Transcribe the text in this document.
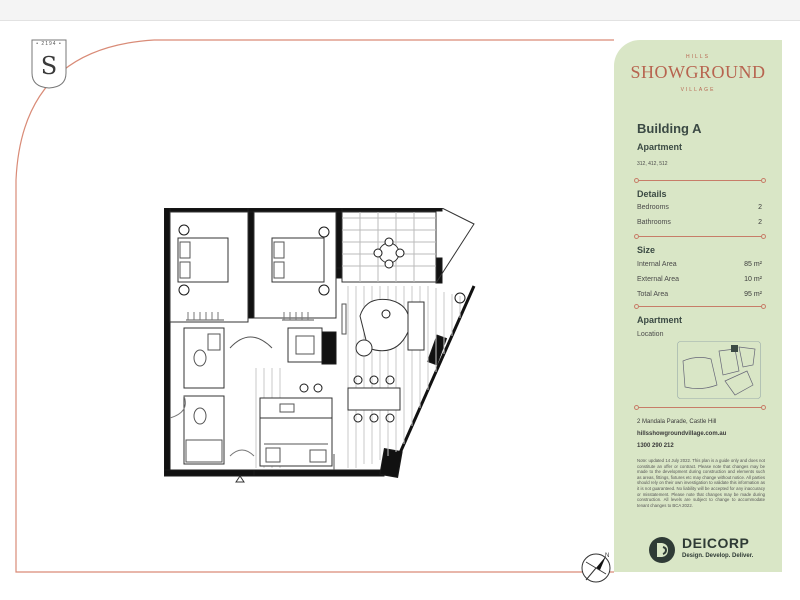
• 2194 •
S
N
HILLS
SHOWGROUND
VILLAGE
Building A
Apartment
312, 412, 512
Details
Bedrooms	2
Bathrooms	2
Size
Internal Area	85 m²
External Area	10 m²
Total Area	95 m²
Apartment
Location
2 Mandala Parade, Castle Hill
hillsshowgroundvillage.com.au
1300 290 212
Note: updated 14 July 2022. This plan is a guide only and does not constitute an offer or contract. Please note that changes may be made to the development during construction and elements such as areas, fittings, fixtures etc may change without notice. All parties should rely on their own investigation to validate this information as it is not guaranteed. No liability will be accepted for any inaccuracy or misstatement. Please note that changes may be made during construction. All levels are subject to change to accommodate tenant changes to BCA 2022.
DEICORP
Design. Develop. Deliver.
